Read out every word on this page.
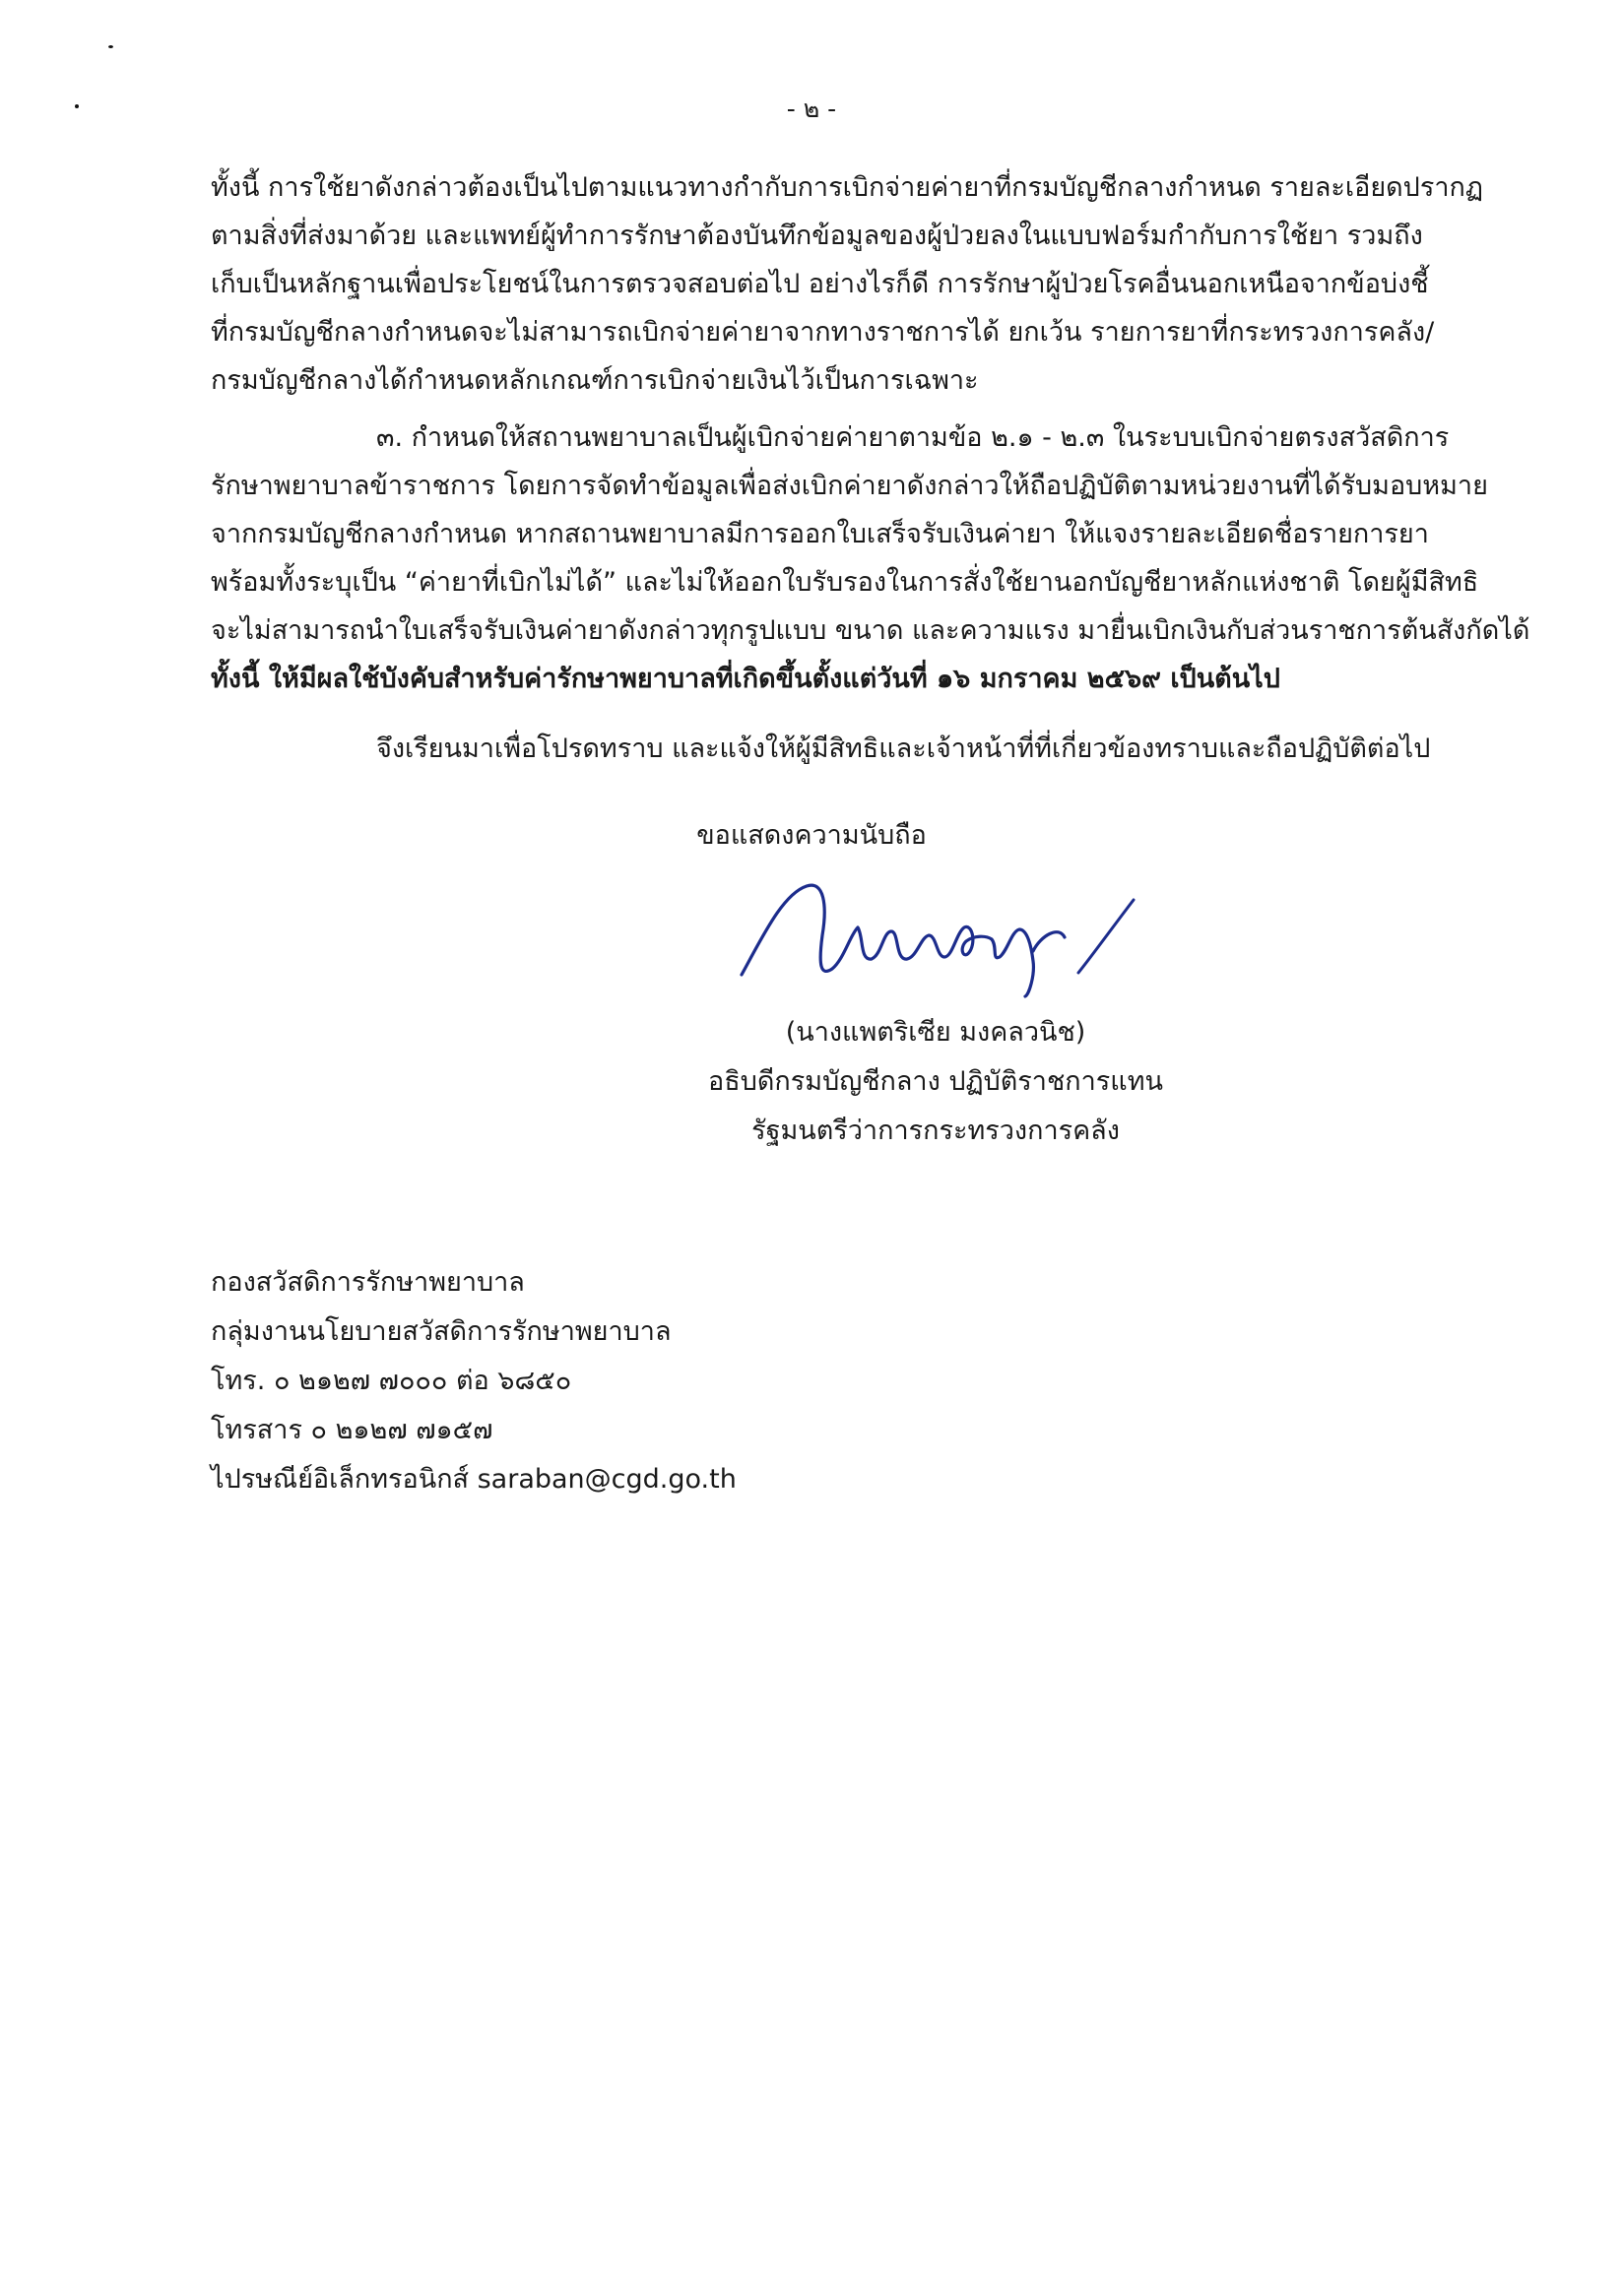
- ๒ -

ทั้งนี้ การใช้ยาดังกล่าวต้องเป็นไปตามแนวทางกำกับการเบิกจ่ายค่ายาที่กรมบัญชีกลางกำหนด รายละเอียดปรากฏ

ตามสิ่งที่ส่งมาด้วย และแพทย์ผู้ทำการรักษาต้องบันทึกข้อมูลของผู้ป่วยลงในแบบฟอร์มกำกับการใช้ยา รวมถึง

เก็บเป็นหลักฐานเพื่อประโยชน์ในการตรวจสอบต่อไป อย่างไรก็ดี การรักษาผู้ป่วยโรคอื่นนอกเหนือจากข้อบ่งชี้

ที่กรมบัญชีกลางกำหนดจะไม่สามารถเบิกจ่ายค่ายาจากทางราชการได้ ยกเว้น รายการยาที่กระทรวงการคลัง/

กรมบัญชีกลางได้กำหนดหลักเกณฑ์การเบิกจ่ายเงินไว้เป็นการเฉพาะ

๓. กำหนดให้สถานพยาบาลเป็นผู้เบิกจ่ายค่ายาตามข้อ ๒.๑ - ๒.๓ ในระบบเบิกจ่ายตรงสวัสดิการ

รักษาพยาบาลข้าราชการ โดยการจัดทำข้อมูลเพื่อส่งเบิกค่ายาดังกล่าวให้ถือปฏิบัติตามหน่วยงานที่ได้รับมอบหมาย

จากกรมบัญชีกลางกำหนด หากสถานพยาบาลมีการออกใบเสร็จรับเงินค่ายา ให้แจงรายละเอียดชื่อรายการยา

พร้อมทั้งระบุเป็น “ค่ายาที่เบิกไม่ได้” และไม่ให้ออกใบรับรองในการสั่งใช้ยานอกบัญชียาหลักแห่งชาติ โดยผู้มีสิทธิ

จะไม่สามารถนำใบเสร็จรับเงินค่ายาดังกล่าวทุกรูปแบบ ขนาด และความแรง มายื่นเบิกเงินกับส่วนราชการต้นสังกัดได้

ทั้งนี้ ให้มีผลใช้บังคับสำหรับค่ารักษาพยาบาลที่เกิดขึ้นตั้งแต่วันที่ ๑๖ มกราคม ๒๕๖๙ เป็นต้นไป

จึงเรียนมาเพื่อโปรดทราบ และแจ้งให้ผู้มีสิทธิและเจ้าหน้าที่ที่เกี่ยวข้องทราบและถือปฏิบัติต่อไป

ขอแสดงความนับถือ
(นางแพตริเซีย มงคลวนิช)
อธิบดีกรมบัญชีกลาง ปฏิบัติราชการแทน
รัฐมนตรีว่าการกระทรวงการคลัง

กองสวัสดิการรักษาพยาบาล

กลุ่มงานนโยบายสวัสดิการรักษาพยาบาล

โทร. ๐ ๒๑๒๗ ๗๐๐๐ ต่อ ๖๘๕๐

โทรสาร ๐ ๒๑๒๗ ๗๑๕๗

ไปรษณีย์อิเล็กทรอนิกส์ saraban@cgd.go.th
